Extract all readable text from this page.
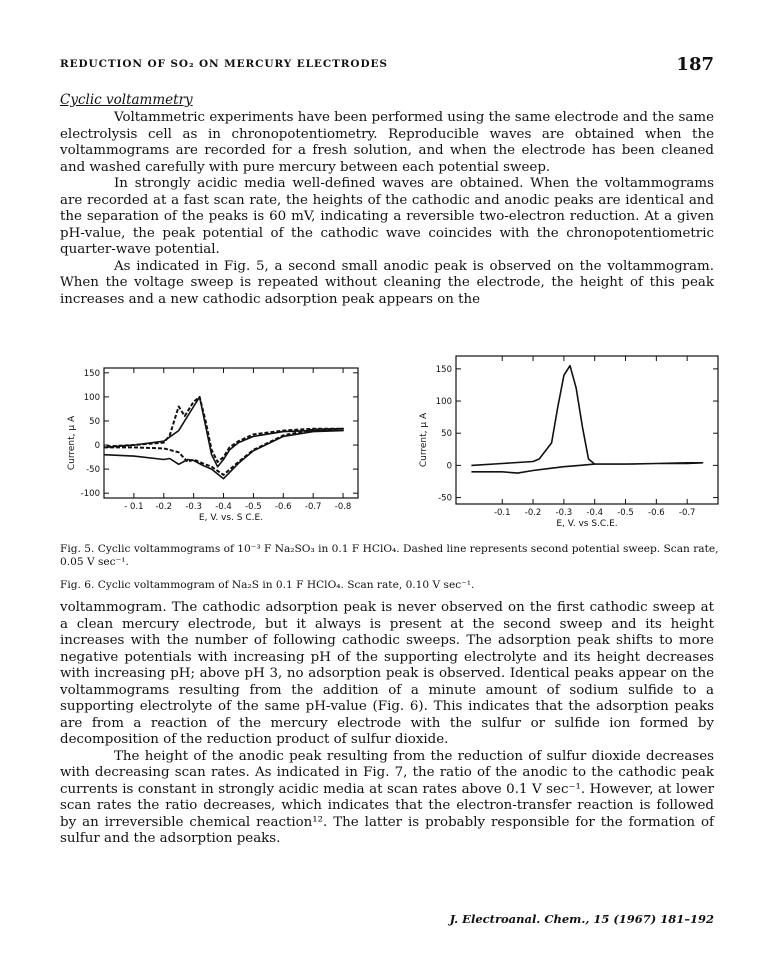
REDUCTION OF SO₂ ON MERCURY ELECTRODES	187
Cyclic voltammetry

Voltammetric experiments have been performed using the same electrode and the same electrolysis cell as in chronopotentiometry. Reproducible waves are obtained when the voltammograms are recorded for a fresh solution, and when the electrode has been cleaned and washed carefully with pure mercury between each potential sweep.

In strongly acidic media well-defined waves are obtained. When the voltammograms are recorded at a fast scan rate, the heights of the cathodic and anodic peaks are identical and the separation of the peaks is 60 mV, indicating a reversible two-electron reduction. At a given pH-value, the peak potential of the cathodic wave coincides with the chronopotentiometric quarter-wave potential.

As indicated in Fig. 5, a second small anodic peak is observed on the voltammogram. When the voltage sweep is repeated without cleaning the electrode, the height of this peak increases and a new cathodic adsorption peak appears on the

- 0.1 -0.2 -0.3 -0.4 -0.5 -0.6 -0.7 -0.8
150
100
50
0
-50
-100
E, V. vs. S C.E.
Current, μ A
-0.1 -0.2 -0.3 -0.4 -0.5 -0.6 -0.7
150
100
50
0
-50
E, V. vs S.C.E.
Current, μ A
Fig. 5. Cyclic voltammograms of 10⁻³ F Na₂SO₃ in 0.1 F HClO₄. Dashed line represents second potential sweep. Scan rate, 0.05 V sec⁻¹.
Fig. 6. Cyclic voltammogram of Na₂S in 0.1 F HClO₄. Scan rate, 0.10 V sec⁻¹.

voltammogram. The cathodic adsorption peak is never observed on the first cathodic sweep at a clean mercury electrode, but it always is present at the second sweep and its height increases with the number of following cathodic sweeps. The adsorption peak shifts to more negative potentials with increasing pH of the supporting electrolyte and its height decreases with increasing pH; above pH 3, no adsorption peak is observed. Identical peaks appear on the voltammograms resulting from the addition of a minute amount of sodium sulfide to a supporting electrolyte of the same pH-value (Fig. 6). This indicates that the adsorption peaks are from a reaction of the mercury electrode with the sulfur or sulfide ion formed by decomposition of the reduction product of sulfur dioxide.

The height of the anodic peak resulting from the reduction of sulfur dioxide decreases with decreasing scan rates. As indicated in Fig. 7, the ratio of the anodic to the cathodic peak currents is constant in strongly acidic media at scan rates above 0.1 V sec⁻¹. However, at lower scan rates the ratio decreases, which indicates that the electron-transfer reaction is followed by an irreversible chemical reaction¹². The latter is probably responsible for the formation of sulfur and the adsorption peaks.

J. Electroanal. Chem., 15 (1967) 181–192
